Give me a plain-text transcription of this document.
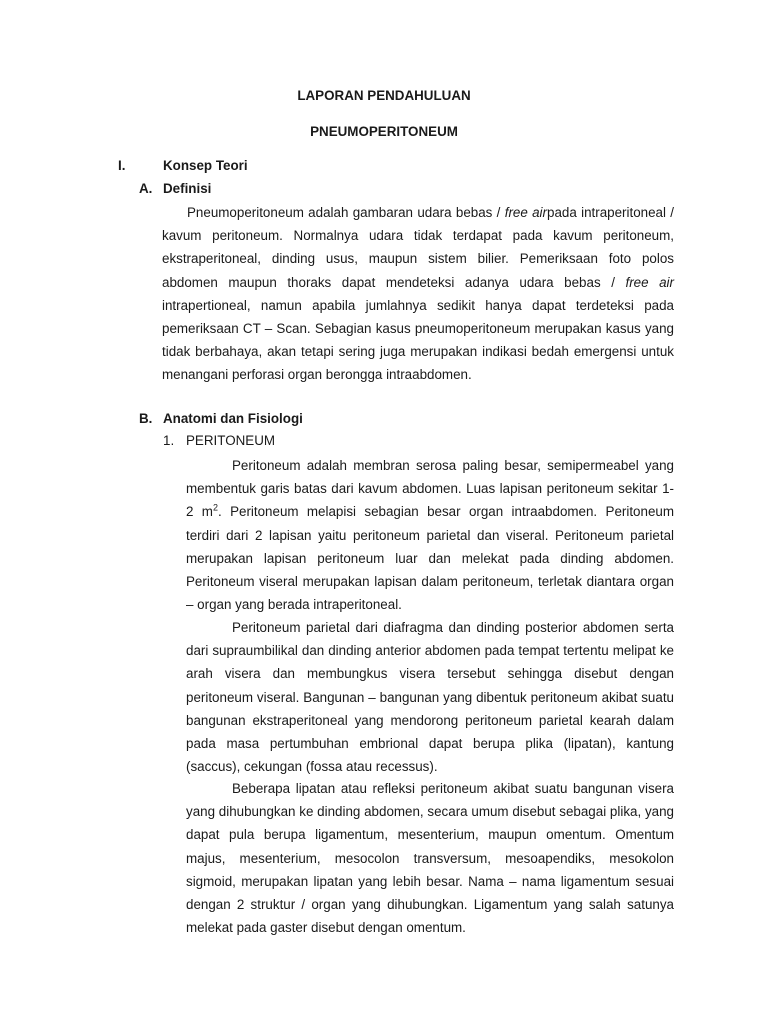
LAPORAN PENDAHULUAN
PNEUMOPERITONEUM
I.	Konsep Teori
A. Definisi

Pneumoperitoneum adalah gambaran udara bebas / free airpada intraperitoneal / kavum peritoneum. Normalnya udara tidak terdapat pada kavum peritoneum, ekstraperitoneal, dinding usus, maupun sistem bilier. Pemeriksaan foto polos abdomen maupun thoraks dapat mendeteksi adanya udara bebas / free air intrapertioneal, namun apabila jumlahnya sedikit hanya dapat terdeteksi pada pemeriksaan CT – Scan. Sebagian kasus pneumoperitoneum merupakan kasus yang tidak berbahaya, akan tetapi sering juga merupakan indikasi bedah emergensi untuk menangani perforasi organ berongga intraabdomen.

B. Anatomi dan Fisiologi
1. PERITONEUM

Peritoneum adalah membran serosa paling besar, semipermeabel yang membentuk garis batas dari kavum abdomen. Luas lapisan peritoneum sekitar 1- 2 $m^2$. Peritoneum melapisi sebagian besar organ intraabdomen. Peritoneum terdiri dari 2 lapisan yaitu peritoneum parietal dan viseral. Peritoneum parietal merupakan lapisan peritoneum luar dan melekat pada dinding abdomen. Peritoneum viseral merupakan lapisan dalam peritoneum, terletak diantara organ – organ yang berada intraperitoneal.

Peritoneum parietal dari diafragma dan dinding posterior abdomen serta dari supraumbilikal dan dinding anterior abdomen pada tempat tertentu melipat ke arah visera dan membungkus visera tersebut sehingga disebut dengan peritoneum viseral. Bangunan – bangunan yang dibentuk peritoneum akibat suatu bangunan ekstraperitoneal yang mendorong peritoneum parietal kearah dalam pada masa pertumbuhan embrional dapat berupa plika (lipatan), kantung (saccus), cekungan (fossa atau recessus).

Beberapa lipatan atau refleksi peritoneum akibat suatu bangunan visera yang dihubungkan ke dinding abdomen, secara umum disebut sebagai plika, yang dapat pula berupa ligamentum, mesenterium, maupun omentum. Omentum majus, mesenterium, mesocolon transversum, mesoapendiks, mesokolon sigmoid, merupakan lipatan yang lebih besar. Nama – nama ligamentum sesuai dengan 2 struktur / organ yang dihubungkan. Ligamentum yang salah satunya melekat pada gaster disebut dengan omentum.
